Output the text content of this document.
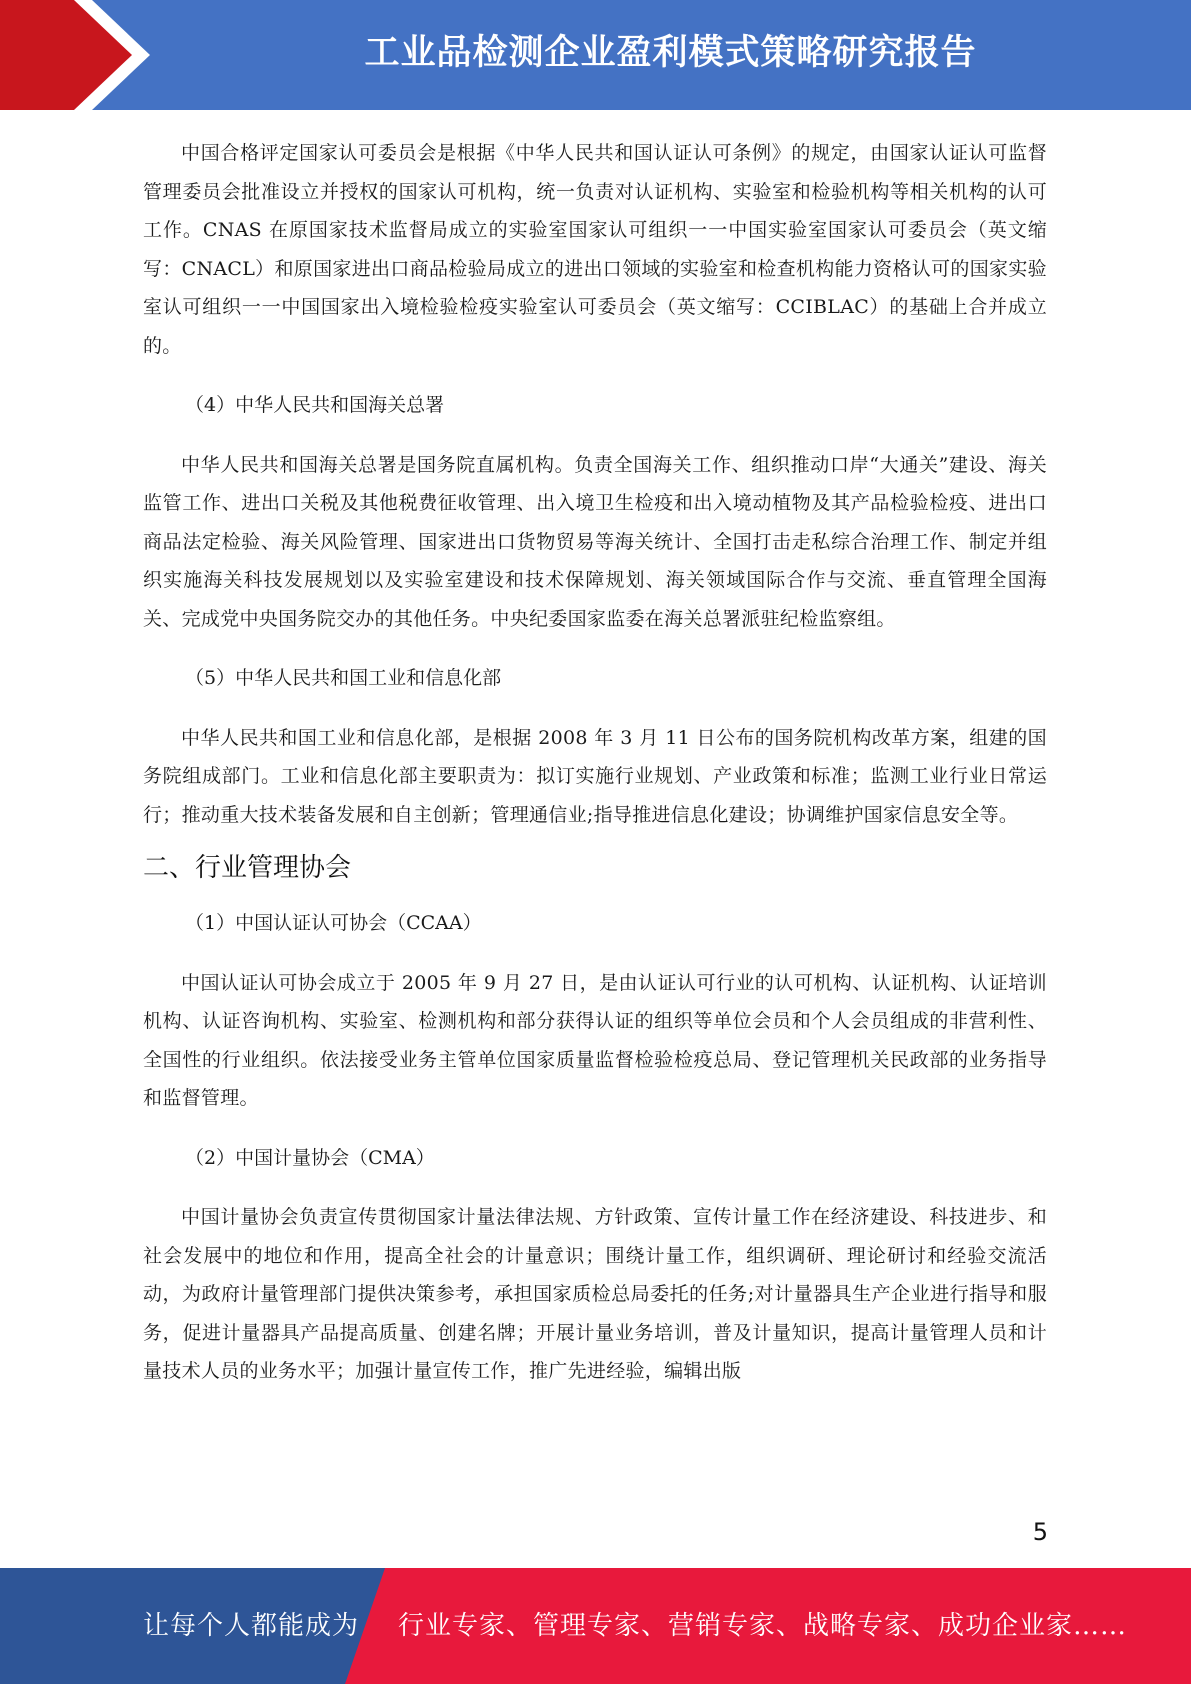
工业品检测企业盈利模式策略研究报告

中国合格评定国家认可委员会是根据《中华人民共和国认证认可条例》的规定，由国家认证认可监督管理委员会批准设立并授权的国家认可机构，统一负责对认证机构、实验室和检验机构等相关机构的认可工作。CNAS 在原国家技术监督局成立的实验室国家认可组织一一中国实验室国家认可委员会（英文缩写：CNACL）和原国家进出口商品检验局成立的进出口领域的实验室和检查机构能力资格认可的国家实验室认可组织一一中国国家出入境检验检疫实验室认可委员会（英文缩写：CCIBLAC）的基础上合并成立的。

（4）中华人民共和国海关总署

中华人民共和国海关总署是国务院直属机构。负责全国海关工作、组织推动口岸“大通关”建设、海关监管工作、进出口关税及其他税费征收管理、出入境卫生检疫和出入境动植物及其产品检验检疫、进出口商品法定检验、海关风险管理、国家进出口货物贸易等海关统计、全国打击走私综合治理工作、制定并组织实施海关科技发展规划以及实验室建设和技术保障规划、海关领域国际合作与交流、垂直管理全国海关、完成党中央国务院交办的其他任务。中央纪委国家监委在海关总署派驻纪检监察组。

（5）中华人民共和国工业和信息化部

中华人民共和国工业和信息化部，是根据 2008 年 3 月 11 日公布的国务院机构改革方案，组建的国务院组成部门。工业和信息化部主要职责为：拟订实施行业规划、产业政策和标准；监测工业行业日常运行；推动重大技术装备发展和自主创新；管理通信业;指导推进信息化建设；协调维护国家信息安全等。

二、行业管理协会

（1）中国认证认可协会（CCAA）

中国认证认可协会成立于 2005 年 9 月 27 日，是由认证认可行业的认可机构、认证机构、认证培训机构、认证咨询机构、实验室、检测机构和部分获得认证的组织等单位会员和个人会员组成的非营利性、全国性的行业组织。依法接受业务主管单位国家质量监督检验检疫总局、登记管理机关民政部的业务指导和监督管理。

（2）中国计量协会（CMA）

中国计量协会负责宣传贯彻国家计量法律法规、方针政策、宣传计量工作在经济建设、科技进步、和社会发展中的地位和作用，提高全社会的计量意识；围绕计量工作，组织调研、理论研讨和经验交流活动，为政府计量管理部门提供决策参考，承担国家质检总局委托的任务;对计量器具生产企业进行指导和服务，促进计量器具产品提高质量、创建名牌；开展计量业务培训，普及计量知识，提高计量管理人员和计量技术人员的业务水平；加强计量宣传工作，推广先进经验，编辑出版

5
让每个人都能成为 行业专家、管理专家、营销专家、战略专家、成功企业家……
